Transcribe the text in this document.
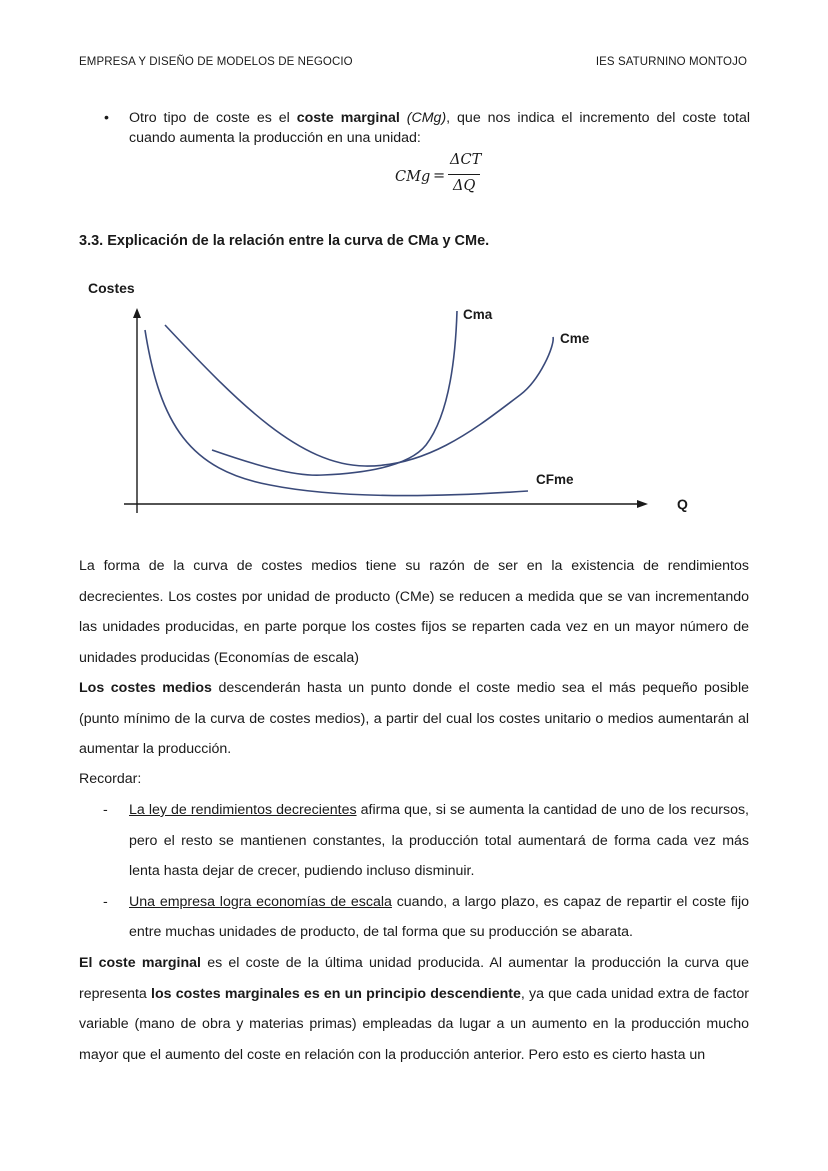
EMPRESA Y DISEÑO DE MODELOS DE NEGOCIO	IES SATURNINO MONTOJO
• Otro tipo de coste es el coste marginal (CMg), que nos indica el incremento del coste total cuando aumenta la producción en una unidad:
CMg =
ΔCT
ΔQ
3.3. Explicación de la relación entre la curva de CMa y CMe.
Costes
Q
Cma
Cme
CFme
La forma de la curva de costes medios tiene su razón de ser en la existencia de rendimientos decrecientes. Los costes por unidad de producto (CMe) se reducen a medida que se van incrementando las unidades producidas, en parte porque los costes fijos se reparten cada vez en un mayor número de unidades producidas (Economías de escala)
Los costes medios descenderán hasta un punto donde el coste medio sea el más pequeño posible (punto mínimo de la curva de costes medios), a partir del cual los costes unitario o medios aumentarán al aumentar la producción.
Recordar:
- La ley de rendimientos decrecientes afirma que, si se aumenta la cantidad de uno de los recursos, pero el resto se mantienen constantes, la producción total aumentará de forma cada vez más lenta hasta dejar de crecer, pudiendo incluso disminuir.
- Una empresa logra economías de escala cuando, a largo plazo, es capaz de repartir el coste fijo entre muchas unidades de producto, de tal forma que su producción se abarata.
El coste marginal es el coste de la última unidad producida. Al aumentar la producción la curva que representa los costes marginales es en un principio descendiente, ya que cada unidad extra de factor variable (mano de obra y materias primas) empleadas da lugar a un aumento en la producción mucho mayor que el aumento del coste en relación con la producción anterior. Pero esto es cierto hasta un
